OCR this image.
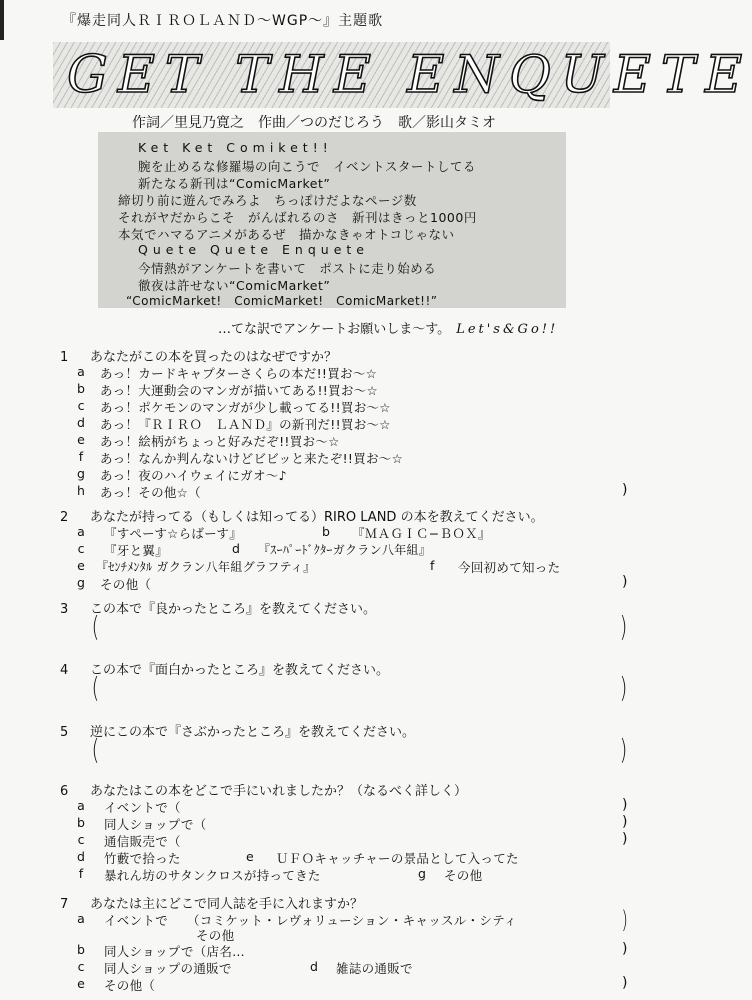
『爆走同人ＲＩＲＯＬＡＮＤ〜WGP〜』主題歌
GET THE ENQUETE
作詞／里見乃寛之　作曲／つのだじろう　歌／影山タミオ
Ket Ket Comiket!!
腕を止めるな修羅場の向こうで　イベントスタートしてる
新たなる新刊は“ComicMarket”
締切り前に遊んでみろよ　ちっぽけだよなページ数
それがヤだからこそ　がんばれるのさ　新刊はきっと1000円
本気でハマるアニメがあるぜ　描かなきゃオトコじゃない
Quete Quete Enquete
今情熱がアンケートを書いて　ポストに走り始める
徹夜は許せない“ComicMarket”
“ComicMarket!　ComicMarket!　ComicMarket!!”
…てな訳でアンケートお願いしま〜す。 Let's&Go!!
1 あなたがこの本を買ったのはなぜですか？
a あっ！カードキャプターさくらの本だ!!買お〜☆
b あっ！大運動会のマンガが描いてある!!買お〜☆
c あっ！ポケモンのマンガが少し載ってる!!買お〜☆
d あっ！『ＲＩＲＯ　ＬＡＮＤ』の新刊だ!!買お〜☆
e あっ！絵柄がちょっと好みだぞ!!買お〜☆
f	あっ！なんか判んないけどビビッと来たぞ!!買お〜☆
g あっ！夜のハイウェイにガオ〜♪
h あっ！その他☆（	)
2 あなたが持ってる（もしくは知ってる）RIRO LAND の本を教えてください。
a 『すぺーす☆らばーす』	b 『ＭＡＧＩＣ−ＢＯＸ』
c 『牙と翼』	d 『ｽｰﾊﾟｰﾄﾞｸﾀｰガクラン八年組』
e 『ｾﾝﾁﾒﾝﾀﾙ ガクラン八年組グラフティ』	f 今回初めて知った
g その他（	)
3 この本で『良かったところ』を教えてください。
(	)
4 この本で『面白かったところ』を教えてください。
(	)
5 逆にこの本で『さぶかったところ』を教えてください。
(	)
6 あなたはこの本をどこで手にいれましたか？（なるべく詳しく）
a イベントで（	)
b 同人ショップで（	)
c 通信販売で（	)
d 竹藪で拾った	e ＵＦＯキャッチャーの景品として入ってた
f	暴れん坊のサタンクロスが持ってきた	g その他
7 あなたは主にどこで同人誌を手に入れますか？
a イベントで （コミケット・レヴォリューション・キャッスル・シティ
その他
)
b 同人ショップで（店名…	)
c 同人ショップの通販で	d 雑誌の通販で
e その他（	)
